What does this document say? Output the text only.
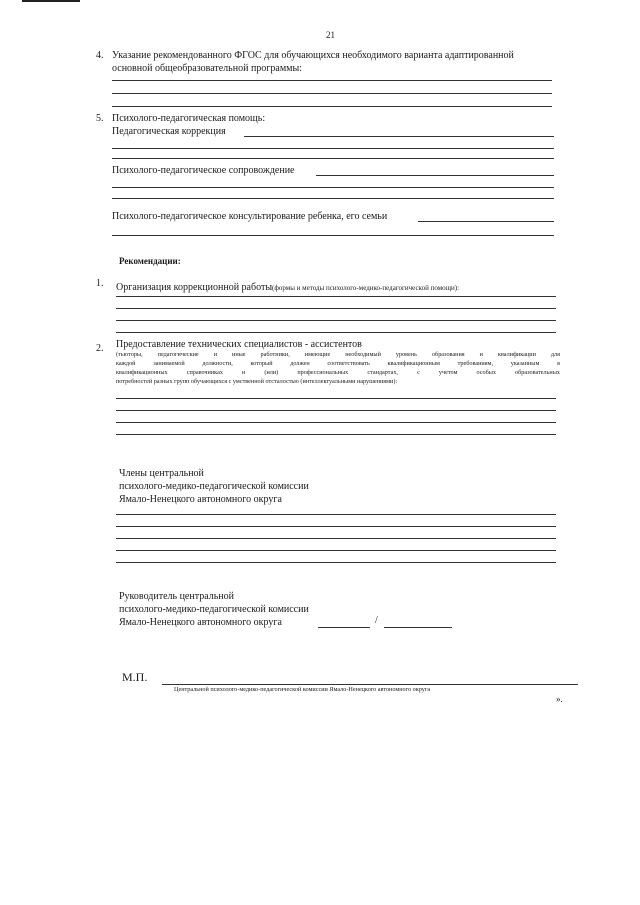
21
4. Указание рекомендованного ФГОС для обучающихся необходимого варианта адаптированной
основной общеобразовательной программы:
5. Психолого-педагогическая помощь:
Педагогическая коррекция
Психолого-педагогическое сопровождение
Психолого-педагогическое консультирование ребенка, его семьи
Рекомендации:
1. Организация коррекционной работы(формы и методы психолого-медико-педагогической помощи):
2. Предоставление технических специалистов - ассистентов
(тьюторы, педагогические и иные работники, имеющие необходимый уровень образования и квалификации для
каждой занимаемой должности, который должен соответствовать квалификационным требованиям, указанным в
квалификационных справочниках и (или) профессиональных стандартах, с учетом особых образовательных
потребностей разных групп обучающихся с умственной отсталостью (интеллектуальными нарушениями):
Члены центральной
психолого-медико-педагогической комиссии
Ямало-Ненецкого автономного округа
Руководитель центральной
психолого-медико-педагогической комиссии
Ямало-Ненецкого автономного округа	/
М.П.
Центральной психолого-медико-педагогической комиссии Ямало-Ненецкого автономного округа
».
